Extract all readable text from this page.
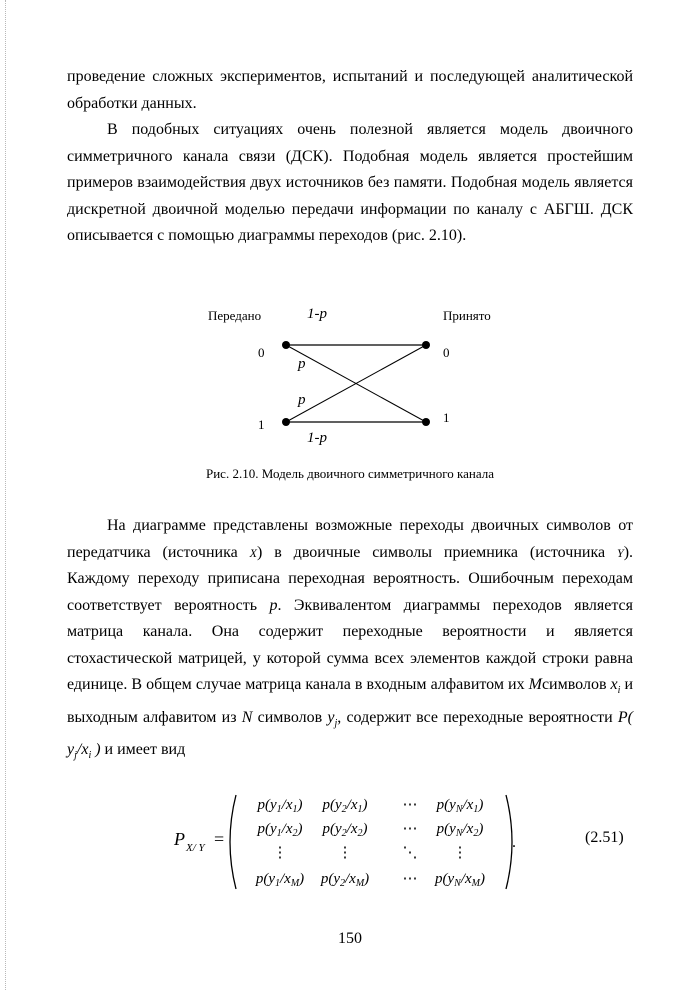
проведение сложных экспериментов, испытаний и последующей аналитической обработки данных.

В подобных ситуациях очень полезной является модель двоичного симметричного канала связи (ДСК). Подобная модель является простейшим примеров взаимодействия двух источников без памяти. Подобная модель является дискретной двоичной моделью передачи информации по каналу с АБГШ. ДСК описывается с помощью диаграммы переходов (рис. 2.10).

Передано	Принято
1-p
1-p
p
p
0
1
0
1
Рис. 2.10. Модель двоичного симметричного канала

На диаграмме представлены возможные переходы двоичных символов от передатчика (источника X) в двоичные символы приемника (источника Y). Каждому переходу приписана переходная вероятность. Ошибочным переходам соответствует вероятность p. Эквивалентом диаграммы переходов является матрица канала. Она содержит переходные вероятности и является стохастической матрицей, у которой сумма всех элементов каждой строки равна единице. В общем случае матрица канала в входным алфавитом их Mсимволов $x_i$ и выходным алфавитом из N символов $y_j$, содержит все переходные вероятности P( $y_j/x_i$ ) и имеет вид

P X/ Y =
$p(y_1/x_1)$ $p(y_2/x_1)$ ⋯ $p(y_N/x_1)$
$p(y_1/x_2)$ $p(y_2/x_2)$ ⋯ $p(y_N/x_2)$
⋮	⋮	⋱ ⋮
$p(y_1/x_M)$ $p(y_2/x_M)$ ⋯ $p(y_N/x_M)$
.	(2.51)
150
